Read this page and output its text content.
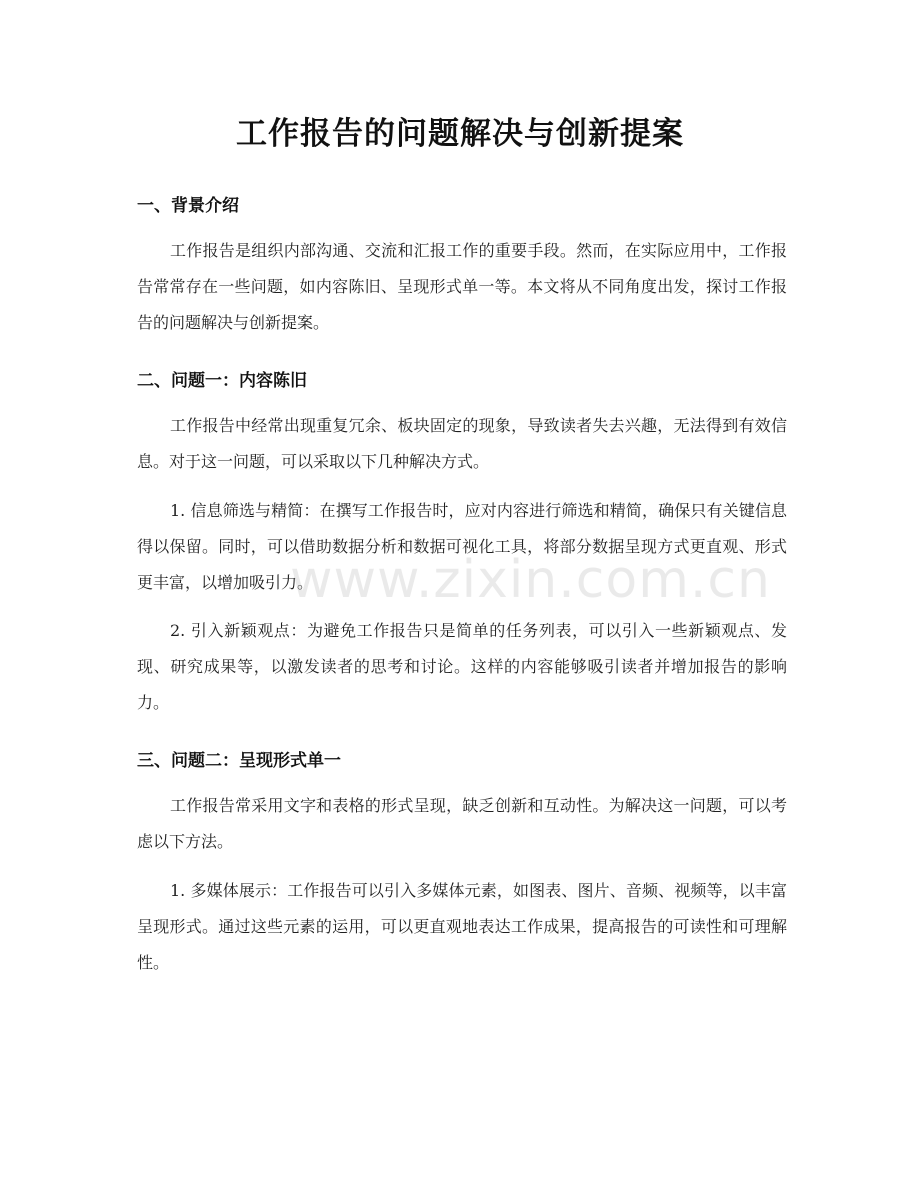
工作报告的问题解决与创新提案
一、背景介绍

工作报告是组织内部沟通、交流和汇报工作的重要手段。然而，在实际应用中，工作报告常常存在一些问题，如内容陈旧、呈现形式单一等。本文将从不同角度出发，探讨工作报告的问题解决与创新提案。

二、问题一：内容陈旧

工作报告中经常出现重复冗余、板块固定的现象，导致读者失去兴趣，无法得到有效信息。对于这一问题，可以采取以下几种解决方式。

1. 信息筛选与精简：在撰写工作报告时，应对内容进行筛选和精简，确保只有关键信息得以保留。同时，可以借助数据分析和数据可视化工具，将部分数据呈现方式更直观、形式更丰富，以增加吸引力。

2. 引入新颖观点：为避免工作报告只是简单的任务列表，可以引入一些新颖观点、发现、研究成果等，以激发读者的思考和讨论。这样的内容能够吸引读者并增加报告的影响力。

三、问题二：呈现形式单一

工作报告常采用文字和表格的形式呈现，缺乏创新和互动性。为解决这一问题，可以考虑以下方法。

1. 多媒体展示：工作报告可以引入多媒体元素，如图表、图片、音频、视频等，以丰富呈现形式。通过这些元素的运用，可以更直观地表达工作成果，提高报告的可读性和可理解性。

www.zixin.com.cn
